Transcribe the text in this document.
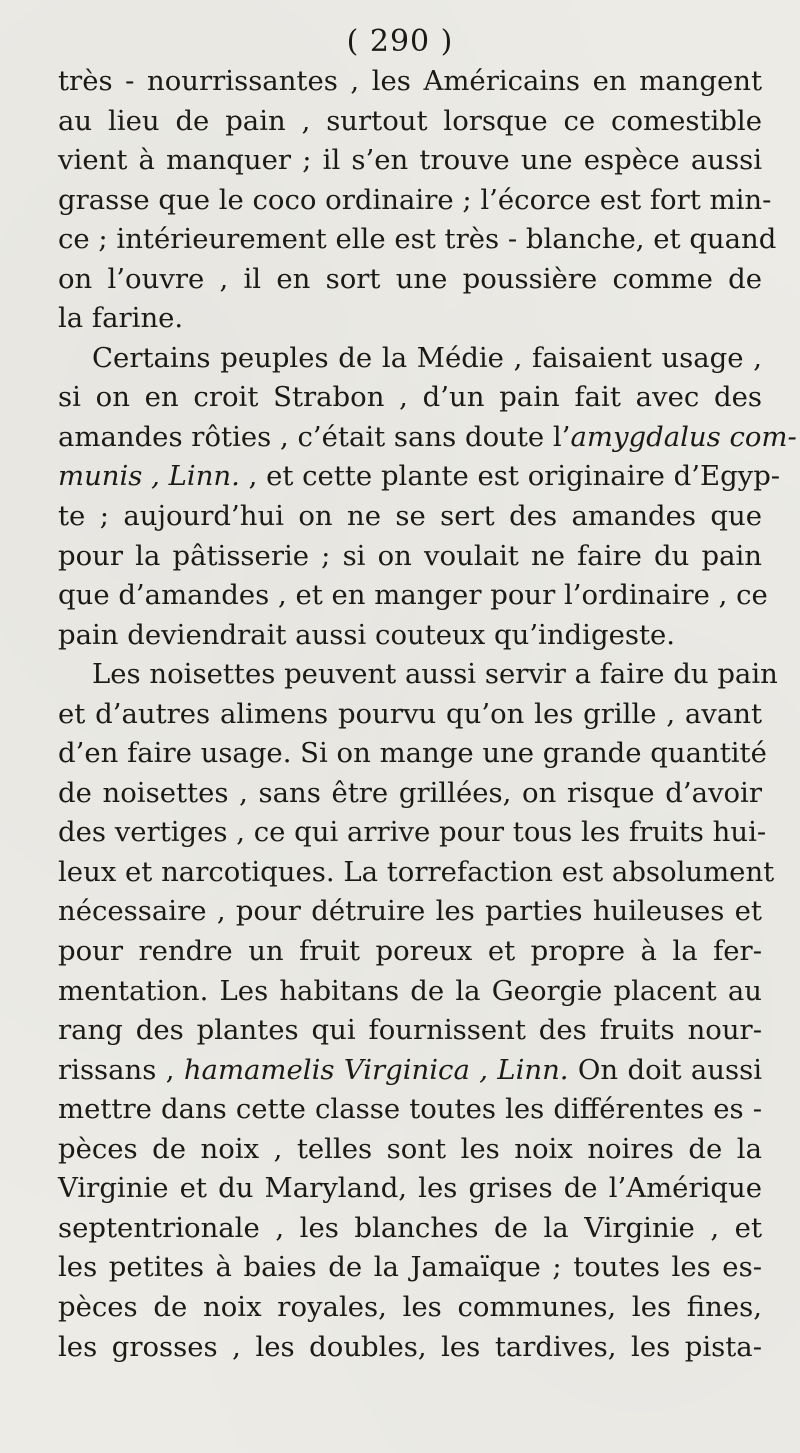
( 290 )
très - nourrissantes , les Américains en mangent
au lieu de pain , surtout lorsque ce comestible
vient à manquer ; il s’en trouve une espèce aussi
grasse que le coco ordinaire ; l’écorce est fort min-
ce ; intérieurement elle est très - blanche, et quand
on l’ouvre , il en sort une poussière comme de
la farine.
Certains peuples de la Médie , faisaient usage ,
si on en croit Strabon , d’un pain fait avec des
amandes rôties , c’était sans doute l’amygdalus com-
munis , Linn. , et cette plante est originaire d’Egyp-
te ; aujourd’hui on ne se sert des amandes que
pour la pâtisserie ; si on voulait ne faire du pain
que d’amandes , et en manger pour l’ordinaire , ce
pain deviendrait aussi couteux qu’indigeste.
Les noisettes peuvent aussi servir a faire du pain
et d’autres alimens pourvu qu’on les grille , avant
d’en faire usage. Si on mange une grande quantité
de noisettes , sans être grillées, on risque d’avoir
des vertiges , ce qui arrive pour tous les fruits hui-
leux et narcotiques. La torrefaction est absolument
nécessaire , pour détruire les parties huileuses et
pour rendre un fruit poreux et propre à la fer-
mentation. Les habitans de la Georgie placent au
rang des plantes qui fournissent des fruits nour-
rissans , hamamelis Virginica , Linn. On doit aussi
mettre dans cette classe toutes les différentes es -
pèces de noix , telles sont les noix noires de la
Virginie et du Maryland, les grises de l’Amérique
septentrionale , les blanches de la Virginie , et
les petites à baies de la Jamaïque ; toutes les es-
pèces de noix royales, les communes, les fines,
les grosses , les doubles, les tardives, les pista-
